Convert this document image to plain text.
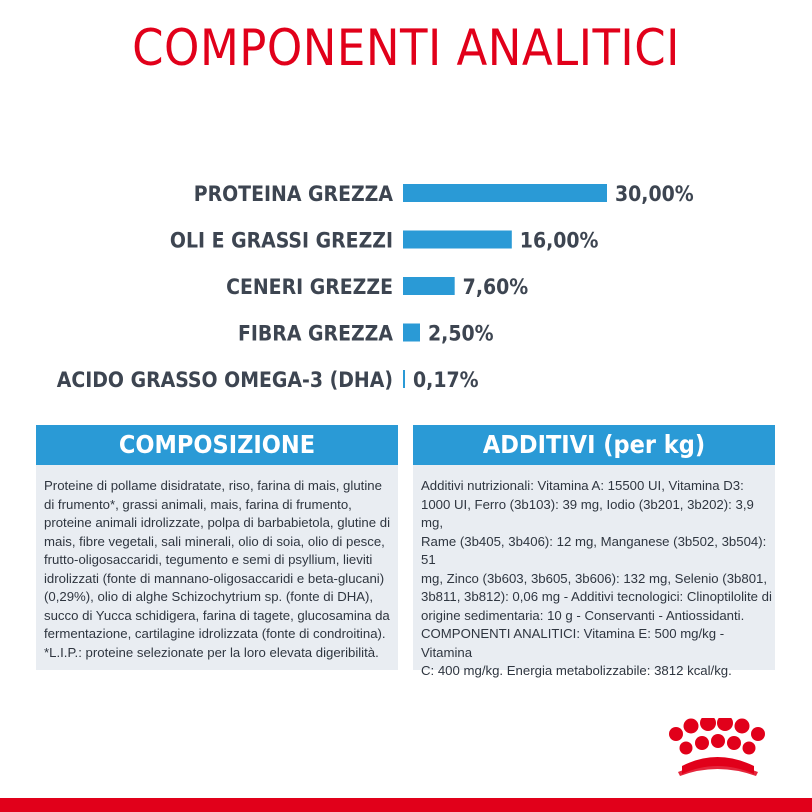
COMPONENTI ANALITICI
PROTEINA GREZZA	30,00%
OLI E GRASSI GREZZI	16,00%
CENERI GREZZE	7,60%
FIBRA GREZZA 2,50%
ACIDO GRASSO OMEGA-3 (DHA) 0,17%
COMPOSIZIONE
Proteine di pollame disidratate, riso, farina di mais, glutine
di frumento*, grassi animali, mais, farina di frumento,
proteine animali idrolizzate, polpa di barbabietola, glutine di
mais, fibre vegetali, sali minerali, olio di soia, olio di pesce,
frutto-oligosaccaridi, tegumento e semi di psyllium, lieviti
idrolizzati (fonte di mannano-oligosaccaridi e beta-glucani)
(0,29%), olio di alghe Schizochytrium sp. (fonte di DHA),
succo di Yucca schidigera, farina di tagete, glucosamina da
fermentazione, cartilagine idrolizzata (fonte di condroitina).
*L.I.P.: proteine selezionate per la loro elevata digeribilità.
ADDITIVI (per kg)
Additivi nutrizionali: Vitamina A: 15500 UI, Vitamina D3:
1000 UI, Ferro (3b103): 39 mg, Iodio (3b201, 3b202): 3,9 mg,
Rame (3b405, 3b406): 12 mg, Manganese (3b502, 3b504): 51
mg, Zinco (3b603, 3b605, 3b606): 132 mg, Selenio (3b801,
3b811, 3b812): 0,06 mg - Additivi tecnologici: Clinoptilolite di
origine sedimentaria: 10 g - Conservanti - Antiossidanti.
COMPONENTI ANALITICI: Vitamina E: 500 mg/kg - Vitamina
C: 400 mg/kg. Energia metabolizzabile: 3812 kcal/kg.
